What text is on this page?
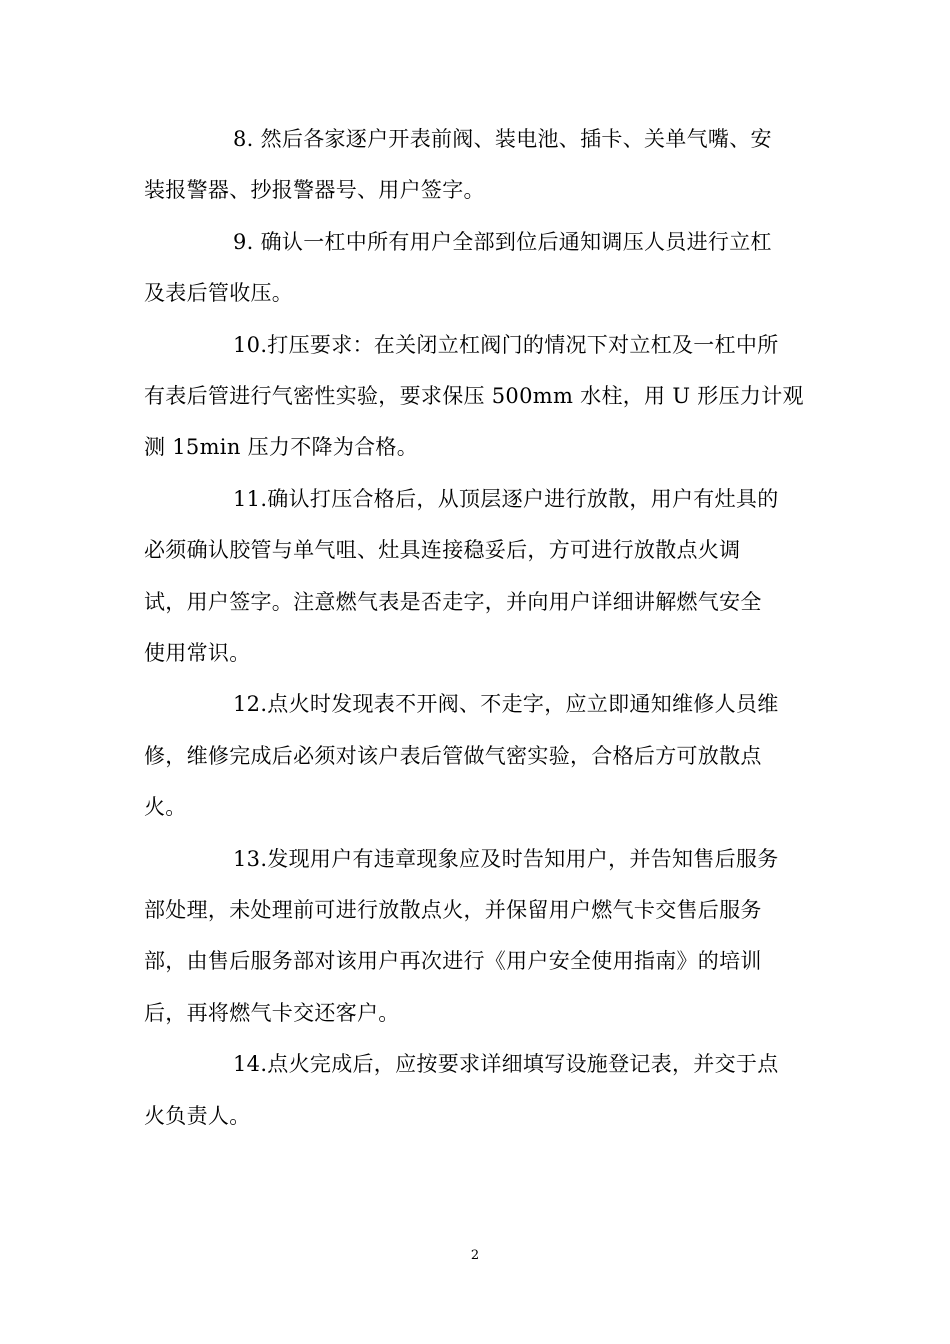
8. 然后各家逐户开表前阀、装电池、插卡、关单气嘴、安
装报警器、抄报警器号、用户签字。
9. 确认一杠中所有用户全部到位后通知调压人员进行立杠
及表后管收压。
10.打压要求：在关闭立杠阀门的情况下对立杠及一杠中所
有表后管进行气密性实验，要求保压 500mm 水柱，用 U 形压力计观
测 15min 压力不降为合格。
11.确认打压合格后，从顶层逐户进行放散，用户有灶具的
必须确认胶管与单气咀、灶具连接稳妥后，方可进行放散点火调
试，用户签字。注意燃气表是否走字，并向用户详细讲解燃气安全
使用常识。
12.点火时发现表不开阀、不走字，应立即通知维修人员维
修，维修完成后必须对该户表后管做气密实验，合格后方可放散点
火。
13.发现用户有违章现象应及时告知用户，并告知售后服务
部处理，未处理前可进行放散点火，并保留用户燃气卡交售后服务
部，由售后服务部对该用户再次进行《用户安全使用指南》的培训
后，再将燃气卡交还客户。
14.点火完成后，应按要求详细填写设施登记表，并交于点
火负责人。
2
